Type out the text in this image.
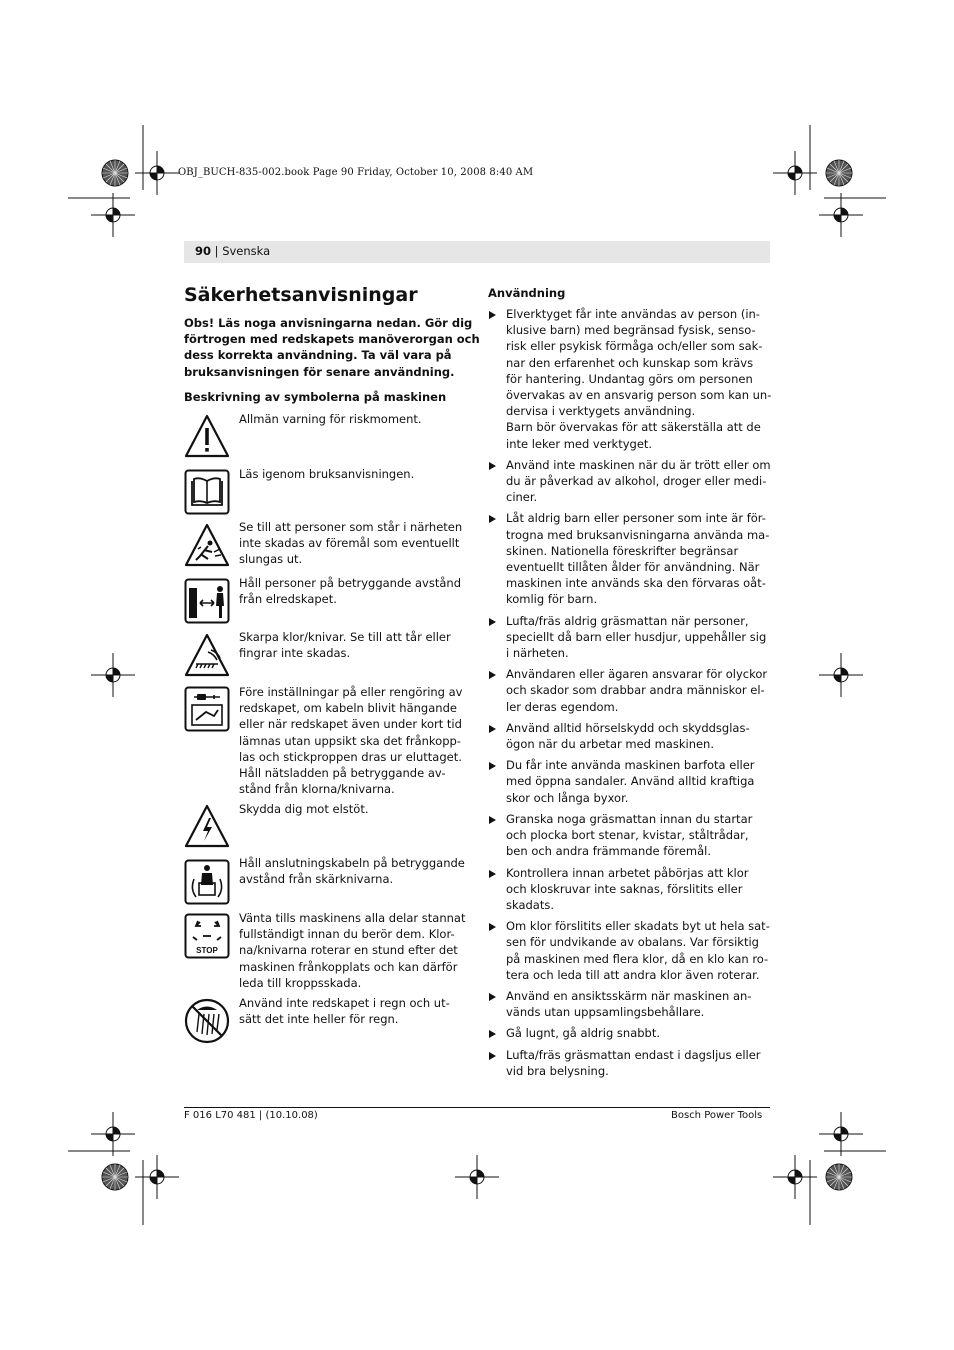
OBJ_BUCH-835-002.book Page 90 Friday, October 10, 2008 8:40 AM
90 | Svenska
Säkerhetsanvisningar
Obs! Läs noga anvisningarna nedan. Gör dig
förtrogen med redskapets manöverorgan och
dess korrekta användning. Ta väl vara på
bruksanvisningen för senare användning.
Beskrivning av symbolerna på maskinen
Allmän varning för riskmoment.
Läs igenom bruksanvisningen.
Se till att personer som står i närheten
inte skadas av föremål som eventuellt
slungas ut.
Håll personer på betryggande avstånd
från elredskapet.
Skarpa klor/knivar. Se till att tår eller
fingrar inte skadas.
Före inställningar på eller rengöring av
redskapet, om kabeln blivit hängande
eller när redskapet även under kort tid
lämnas utan uppsikt ska det frånkopp-
las och stickproppen dras ur eluttaget.
Håll nätsladden på betryggande av-
stånd från klorna/knivarna.
Skydda dig mot elstöt.
Håll anslutningskabeln på betryggande
avstånd från skärknivarna.
STOP
Vänta tills maskinens alla delar stannat
fullständigt innan du berör dem. Klor-
na/knivarna roterar en stund efter det
maskinen frånkopplats och kan därför
leda till kroppsskada.
Använd inte redskapet i regn och ut-
sätt det inte heller för regn.
Användning
Elverktyget får inte användas av person (in-
klusive barn) med begränsad fysisk, senso-
risk eller psykisk förmåga och/eller som sak-
nar den erfarenhet och kunskap som krävs
för hantering. Undantag görs om personen
övervakas av en ansvarig person som kan un-
dervisa i verktygets användning.
Barn bör övervakas för att säkerställa att de
inte leker med verktyget.
Använd inte maskinen när du är trött eller om
du är påverkad av alkohol, droger eller medi-
ciner.
Låt aldrig barn eller personer som inte är för-
trogna med bruksanvisningarna använda ma-
skinen. Nationella föreskrifter begränsar
eventuellt tillåten ålder för användning. När
maskinen inte används ska den förvaras oåt-
komlig för barn.
Lufta/fräs aldrig gräsmattan när personer,
speciellt då barn eller husdjur, uppehåller sig
i närheten.
Användaren eller ägaren ansvarar för olyckor
och skador som drabbar andra människor el-
ler deras egendom.
Använd alltid hörselskydd och skyddsglas-
ögon när du arbetar med maskinen.
Du får inte använda maskinen barfota eller
med öppna sandaler. Använd alltid kraftiga
skor och långa byxor.
Granska noga gräsmattan innan du startar
och plocka bort stenar, kvistar, ståltrådar,
ben och andra främmande föremål.
Kontrollera innan arbetet påbörjas att klor
och kloskruvar inte saknas, förslitits eller
skadats.
Om klor förslitits eller skadats byt ut hela sat-
sen för undvikande av obalans. Var försiktig
på maskinen med flera klor, då en klo kan ro-
tera och leda till att andra klor även roterar.
Använd en ansiktsskärm när maskinen an-
vänds utan uppsamlingsbehållare.
Gå lugnt, gå aldrig snabbt.
Lufta/fräs gräsmattan endast i dagsljus eller
vid bra belysning.
F 016 L70 481 | (10.10.08)	Bosch Power Tools
